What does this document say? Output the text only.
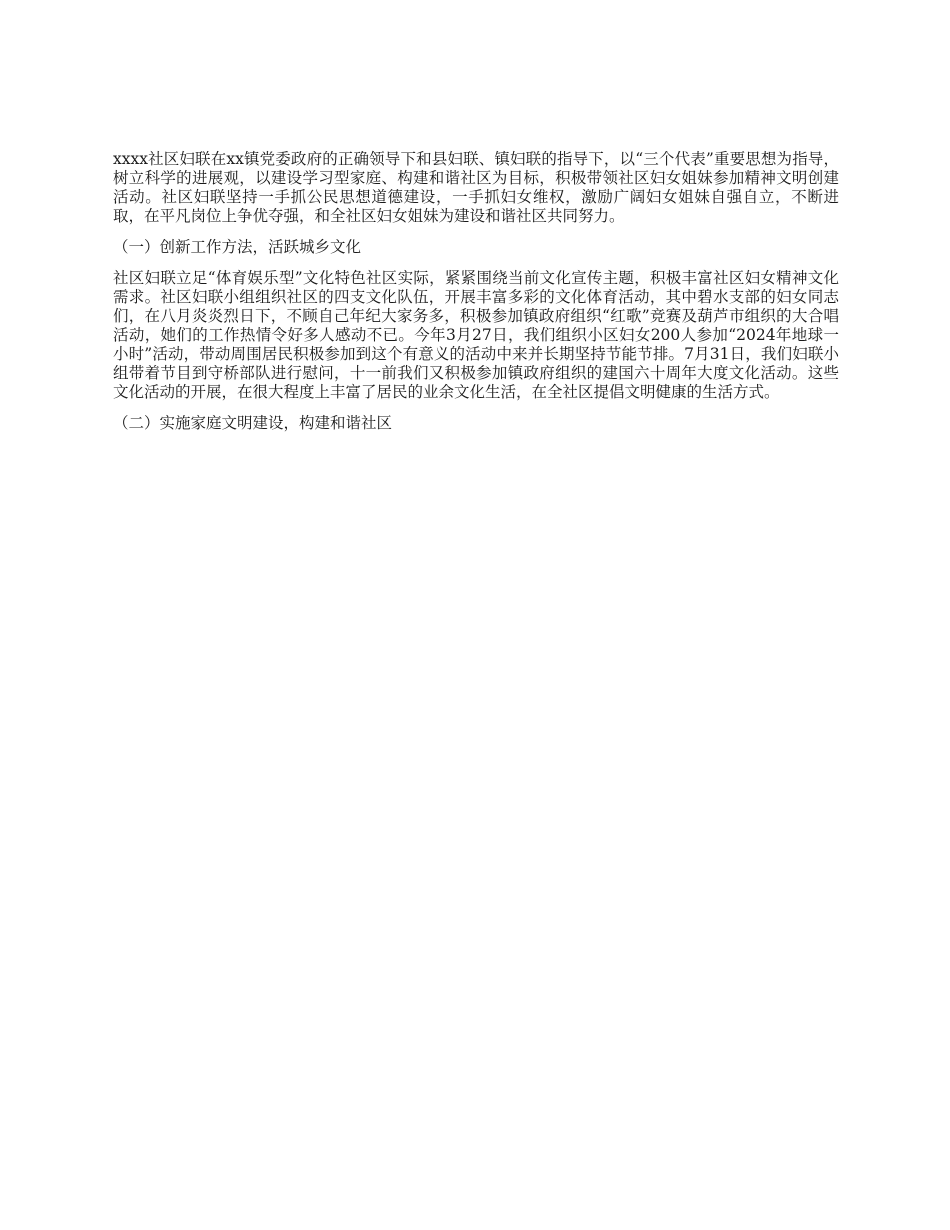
xxxx社区妇联在xx镇党委政府的正确领导下和县妇联、镇妇联的指导下，以“三个代表”重要思想为指导，树立科学的进展观，以建设学习型家庭、构建和谐社区为目标，积极带领社区妇女姐妹参加精神文明创建活动。社区妇联坚持一手抓公民思想道德建设，一手抓妇女维权，激励广阔妇女姐妹自强自立，不断进取，在平凡岗位上争优夺强，和全社区妇女姐妹为建设和谐社区共同努力。

（一）创新工作方法，活跃城乡文化

社区妇联立足“体育娱乐型”文化特色社区实际，紧紧围绕当前文化宣传主题，积极丰富社区妇女精神文化需求。社区妇联小组组织社区的四支文化队伍，开展丰富多彩的文化体育活动，其中碧水支部的妇女同志们，在八月炎炎烈日下，不顾自己年纪大家务多，积极参加镇政府组织“红歌”竞赛及葫芦市组织的大合唱活动，她们的工作热情令好多人感动不已。今年3月27日，我们组织小区妇女200人参加“2024年地球一小时”活动，带动周围居民积极参加到这个有意义的活动中来并长期坚持节能节排。7月31日，我们妇联小组带着节目到守桥部队进行慰问，十一前我们又积极参加镇政府组织的建国六十周年大度文化活动。这些文化活动的开展，在很大程度上丰富了居民的业余文化生活，在全社区提倡文明健康的生活方式。

（二）实施家庭文明建设，构建和谐社区
